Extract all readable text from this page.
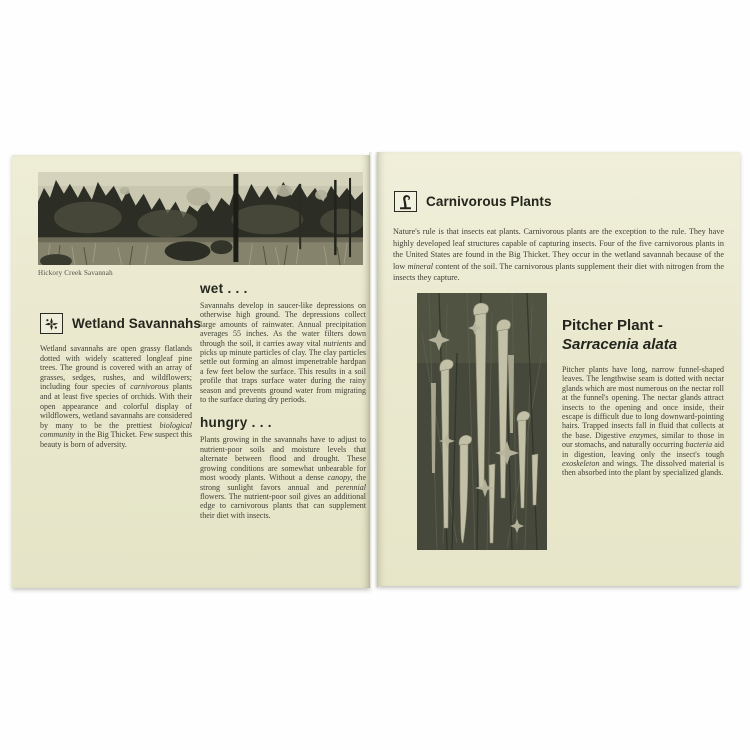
Hickory Creek Savannah
Wetland Savannahs

Wetland savannahs are open grassy flatlands dotted with widely scattered longleaf pine trees. The ground is covered with an array of grasses, sedges, rushes, and wildflowers; including four species of carnivorous plants and at least five species of orchids. With their open appearance and colorful display of wildflowers, wetland savannahs are considered by many to be the prettiest biological community in the Big Thicket. Few suspect this beauty is born of adversity.

wet . . .

Savannahs develop in saucer-like depressions on otherwise high ground. The depressions collect large amounts of rainwater. Annual precipitation averages 55 inches. As the water filters down through the soil, it carries away vital nutrients and picks up minute particles of clay. The clay particles settle out forming an almost impenetrable hardpan a few feet below the surface. This results in a soil profile that traps surface water during the rainy season and prevents ground water from migrating to the surface during dry periods.

hungry . . .

Plants growing in the savannahs have to adjust to nutrient-poor soils and moisture levels that alternate between flood and drought. These growing conditions are somewhat unbearable for most woody plants. Without a dense canopy, the strong sunlight favors annual and perennial flowers. The nutrient-poor soil gives an additional edge to carnivorous plants that can supplement their diet with insects.

Carnivorous Plants

Nature's rule is that insects eat plants. Carnivorous plants are the exception to the rule. They have highly developed leaf structures capable of capturing insects. Four of the five carnivorous plants in the United States are found in the Big Thicket. They occur in the wetland savannah because of the low mineral content of the soil. The carnivorous plants supplement their diet with nitrogen from the insects they capture.

Pitcher Plant -
Sarracenia alata

Pitcher plants have long, narrow funnel-shaped leaves. The lengthwise seam is dotted with nectar glands which are most numerous on the nectar roll at the funnel's opening. The nectar glands attract insects to the opening and once inside, their escape is difficult due to long downward-pointing hairs. Trapped insects fall in fluid that collects at the base. Digestive enzymes, similar to those in our stomachs, and naturally occurring bacteria aid in digestion, leaving only the insect's tough exoskeleton and wings. The dissolved material is then absorbed into the plant by specialized glands.
